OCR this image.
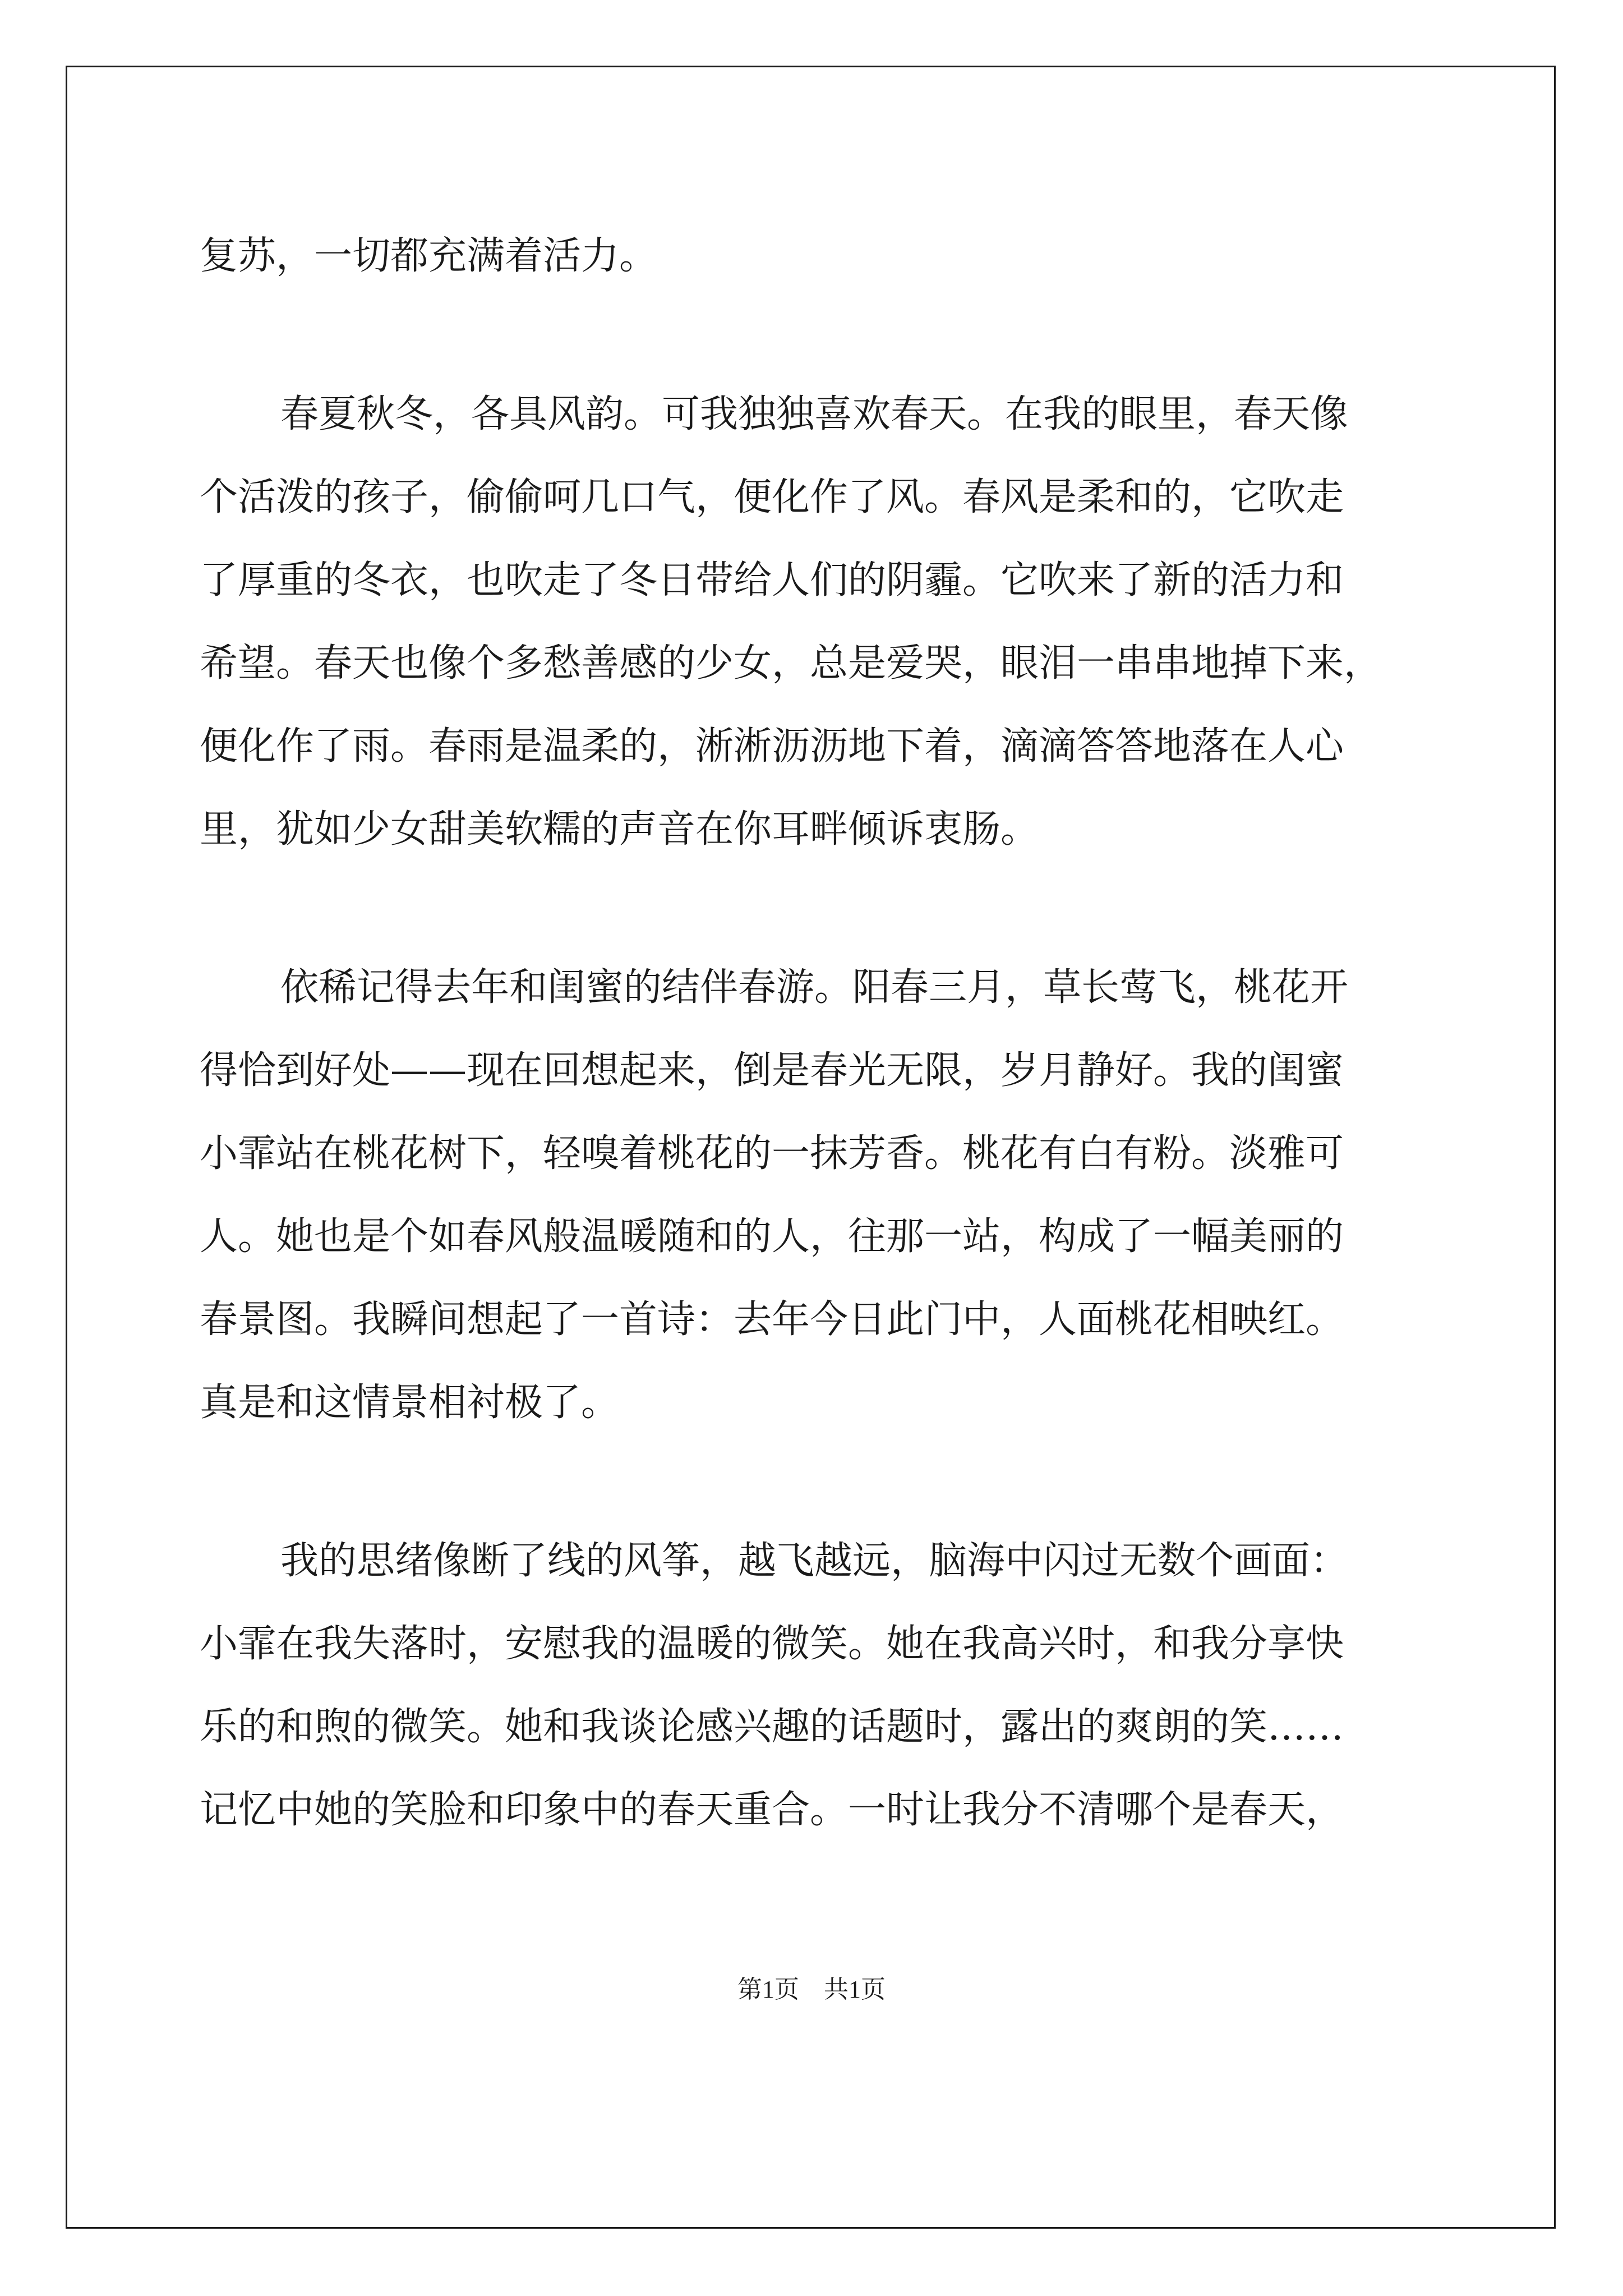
复苏，一切都充满着活力。
春夏秋冬，各具风韵。可我独独喜欢春天。在我的眼里，春天像
个活泼的孩子，偷偷呵几口气，便化作了风。春风是柔和的，它吹走
了厚重的冬衣，也吹走了冬日带给人们的阴霾。它吹来了新的活力和
希望。春天也像个多愁善感的少女，总是爱哭，眼泪一串串地掉下来，
便化作了雨。春雨是温柔的，淅淅沥沥地下着，滴滴答答地落在人心
里，犹如少女甜美软糯的声音在你耳畔倾诉衷肠。
依稀记得去年和闺蜜的结伴春游。阳春三月，草长莺飞，桃花开
得恰到好处——现在回想起来，倒是春光无限，岁月静好。我的闺蜜
小霏站在桃花树下，轻嗅着桃花的一抹芳香。桃花有白有粉。淡雅可
人。她也是个如春风般温暖随和的人，往那一站，构成了一幅美丽的
春景图。我瞬间想起了一首诗：去年今日此门中，人面桃花相映红。
真是和这情景相衬极了。
我的思绪像断了线的风筝，越飞越远，脑海中闪过无数个画面：
小霏在我失落时，安慰我的温暖的微笑。她在我高兴时，和我分享快
乐的和煦的微笑。她和我谈论感兴趣的话题时，露出的爽朗的笑……
记忆中她的笑脸和印象中的春天重合。一时让我分不清哪个是春天，
第1页 共1页
